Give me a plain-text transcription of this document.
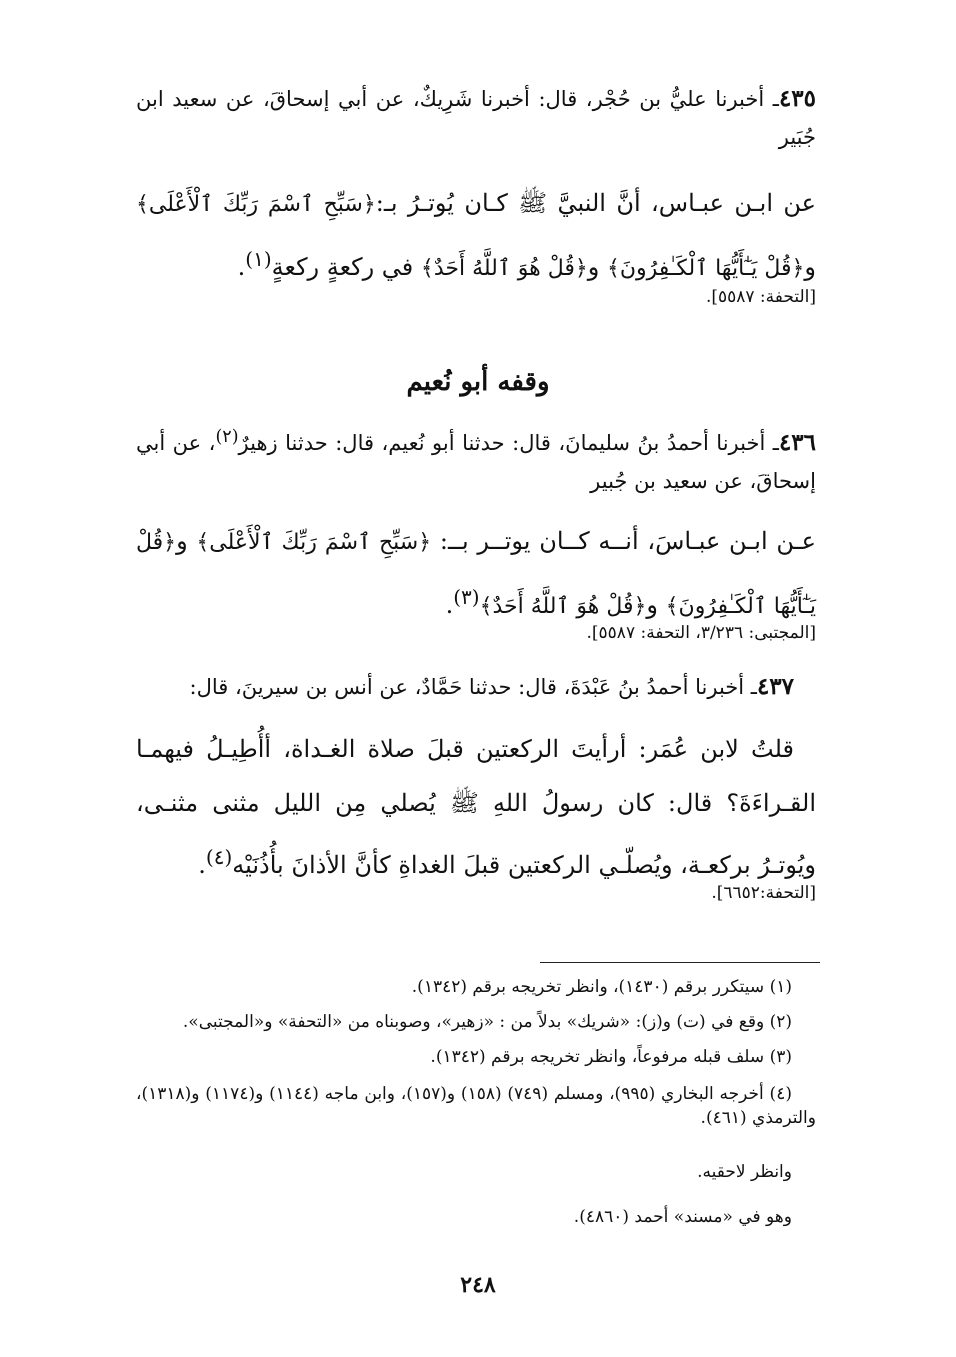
٤٣٥ـ أخبرنا عليُّ بن حُجْر، قال: أخبرنا شَرِيكٌ، عن أبي إسحاقَ، عن سعيد ابن جُبَير
عن ابـن عبـاس، أنَّ النبيَّ ﷺ كـان يُوتـرُ بـ:﴿سَبِّحِ ٱسْمَ رَبِّكَ ٱلْأَعْلَى﴾ و﴿قُلْ يَـٰٓأَيُّهَا ٱلْكَـٰفِرُونَ﴾ و﴿قُلْ هُوَ ٱللَّهُ أَحَدٌ﴾ في ركعةٍ ركعةٍ$^{(١)}$.
[التحفة: ٥٥٨٧].
وقفه أبو نُعيم
٤٣٦ـ أخبرنا أحمدُ بنُ سليمانَ، قال: حدثنا أبو نُعيم، قال: حدثنا زهيرٌ$^{(٢)}$، عن أبي إسحاقَ، عن سعيد بن جُبير
عـن ابـن عبـاسَ، أنــه كــان يوتــر بــ: ﴿سَبِّحِ ٱسْمَ رَبِّكَ ٱلْأَعْلَى﴾ و﴿قُلْ يَـٰٓأَيُّهَا ٱلْكَـٰفِرُونَ﴾ و﴿قُلْ هُوَ ٱللَّهُ أَحَدٌ﴾$^{(٣)}$.
[المجتبى: ٣/٢٣٦، التحفة: ٥٥٨٧].
٤٣٧ـ أخبرنا أحمدُ بنُ عَبْدَةَ، قال: حدثنا حَمَّادٌ، عن أنس بن سيرينَ، قال:
قلتُ لابن عُمَر: أرأيتَ الركعتين قبلَ صلاة الغـداة، أأُطِيـلُ فيهمـا القـراءَةَ؟ قال: كان رسولُ اللهِ ﷺ يُصلي مِن الليل مثنى مثنـى، ويُوتـرُ بركعـة، ويُصلّـي الركعتين قبلَ الغداةِ كأنَّ الأذانَ بأُذُنَيْه$^{(٤)}$.
[التحفة:٦٦٥٢].
(١) سيتكرر برقم (١٤٣٠)، وانظر تخريجه برقم (١٣٤٢).
(٢) وقع في (ت) و(ز): «شريك» بدلاً من : «زهير»، وصوبناه من «التحفة» و«المجتبى».
(٣) سلف قبله مرفوعاً، وانظر تخريجه برقم (١٣٤٢).
(٤) أخرجه البخاري (٩٩٥)، ومسلم (٧٤٩) (١٥٨) و(١٥٧)، وابن ماجه (١١٤٤) و(١١٧٤) و(١٣١٨)، والترمذي (٤٦١).
وانظر لاحقيه.
وهو في «مسند» أحمد (٤٨٦٠).
٢٤٨
